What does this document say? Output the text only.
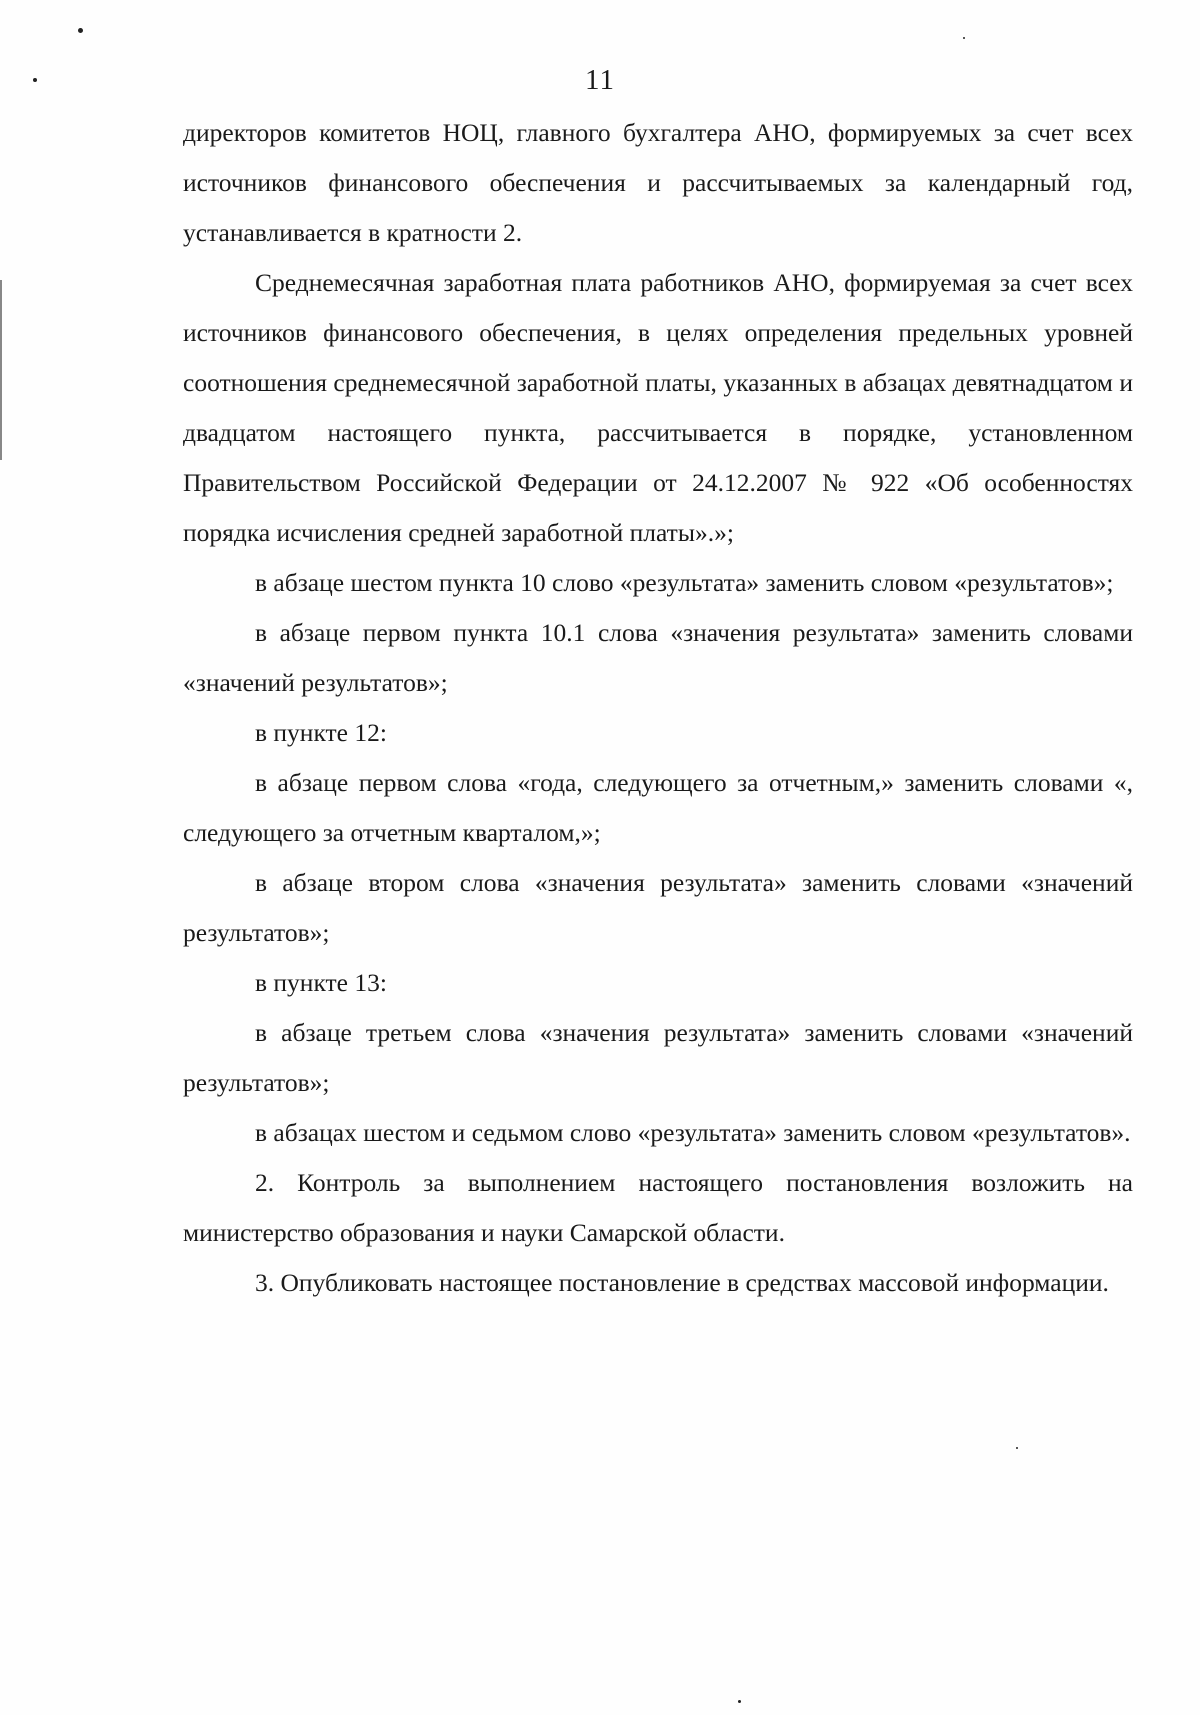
11

директоров комитетов НОЦ, главного бухгалтера АНО, формируемых за счет всех источников финансового обеспечения и рассчитываемых за календарный год, устанавливается в кратности 2.

Среднемесячная заработная плата работников АНО, формируемая за счет всех источников финансового обеспечения, в целях определения предельных уровней соотношения среднемесячной заработной платы, указанных в абзацах девятнадцатом и двадцатом настоящего пункта, рассчитывается в порядке, установленном Правительством Российской Федерации от 24.12.2007 № 922 «Об особенностях порядка исчисления средней заработной платы».»;

в абзаце шестом пункта 10 слово «результата» заменить словом «результатов»;

в абзаце первом пункта 10.1 слова «значения результата» заменить словами «значений результатов»;

в пункте 12:

в абзаце первом слова «года, следующего за отчетным,» заменить словами «, следующего за отчетным кварталом,»;

в абзаце втором слова «значения результата» заменить словами «значений результатов»;

в пункте 13:

в абзаце третьем слова «значения результата» заменить словами «значений результатов»;

в абзацах шестом и седьмом слово «результата» заменить словом «результатов».

2. Контроль за выполнением настоящего постановления возложить на министерство образования и науки Самарской области.

3. Опубликовать настоящее постановление в средствах массовой информации.
